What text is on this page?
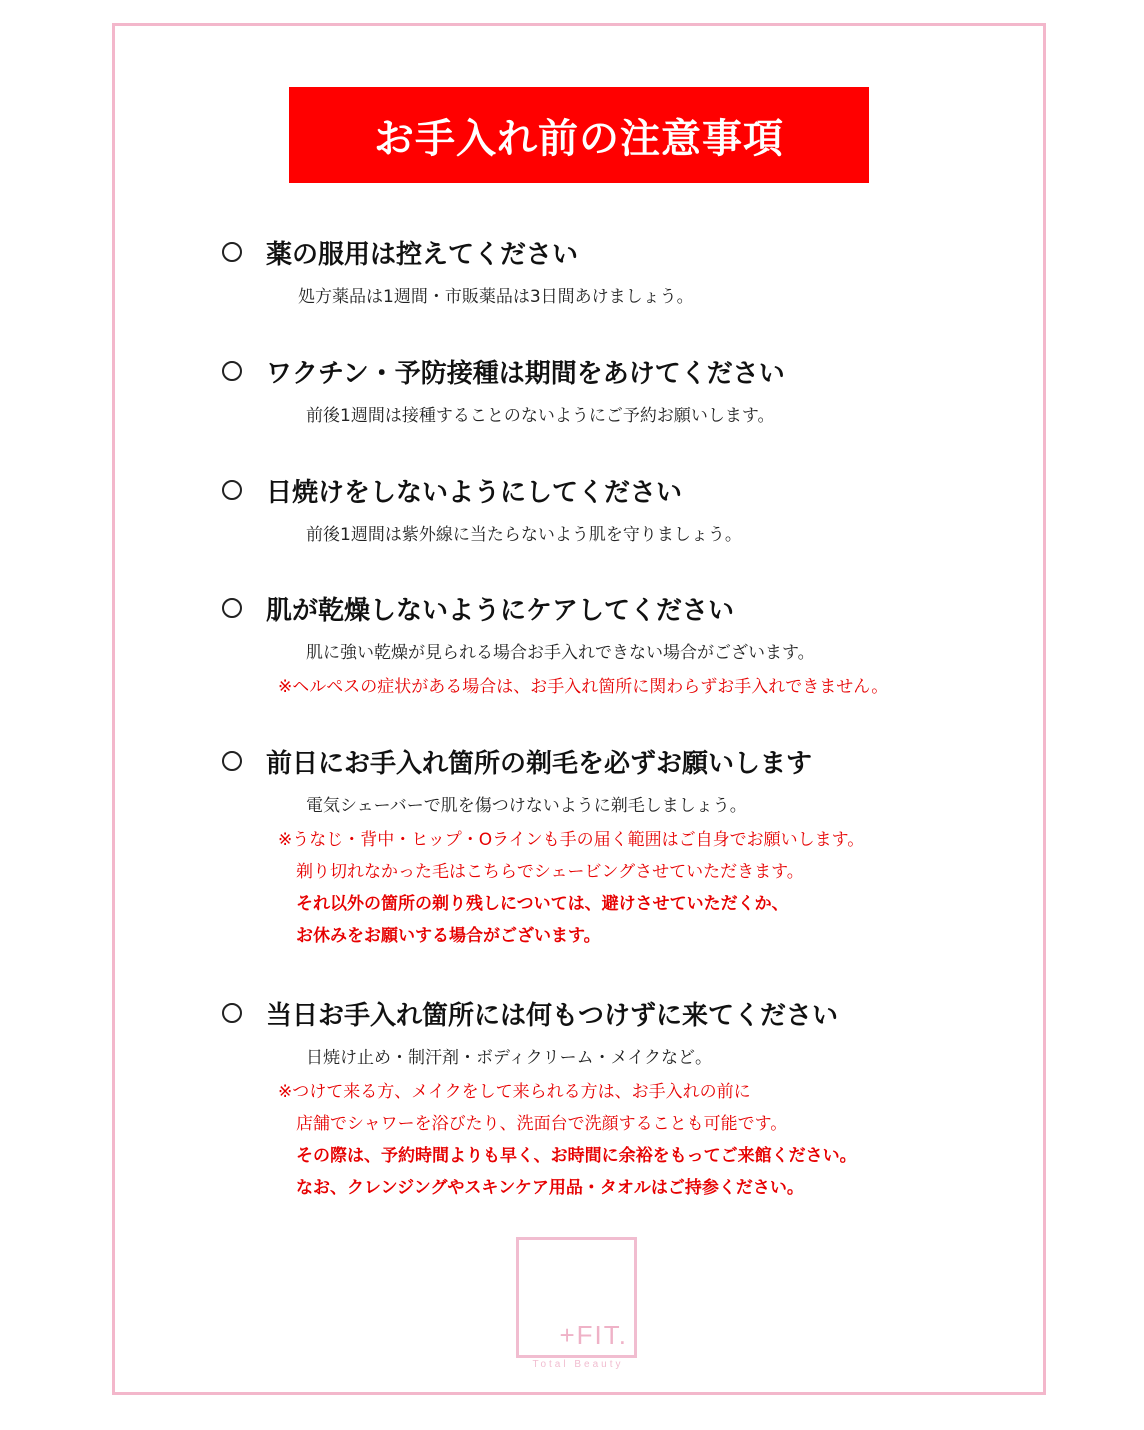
お手入れ前の注意事項
薬の服用は控えてください
処方薬品は1週間・市販薬品は3日間あけましょう。
ワクチン・予防接種は期間をあけてください
前後1週間は接種することのないようにご予約お願いします。
日焼けをしないようにしてください
前後1週間は紫外線に当たらないよう肌を守りましょう。
肌が乾燥しないようにケアしてください
肌に強い乾燥が見られる場合お手入れできない場合がございます。
※ヘルペスの症状がある場合は、お手入れ箇所に関わらずお手入れできません。
前日にお手入れ箇所の剃毛を必ずお願いします
電気シェーバーで肌を傷つけないように剃毛しましょう。
※うなじ・背中・ヒップ・Oラインも手の届く範囲はご自身でお願いします。
剃り切れなかった毛はこちらでシェービングさせていただきます。
それ以外の箇所の剃り残しについては、避けさせていただくか、
お休みをお願いする場合がございます。
当日お手入れ箇所には何もつけずに来てください
日焼け止め・制汗剤・ボディクリーム・メイクなど。
※つけて来る方、メイクをして来られる方は、お手入れの前に
店舗でシャワーを浴びたり、洗面台で洗顔することも可能です。
その際は、予約時間よりも早く、お時間に余裕をもってご来館ください。
なお、クレンジングやスキンケア用品・タオルはご持参ください。
+FIT.
Total Beauty
